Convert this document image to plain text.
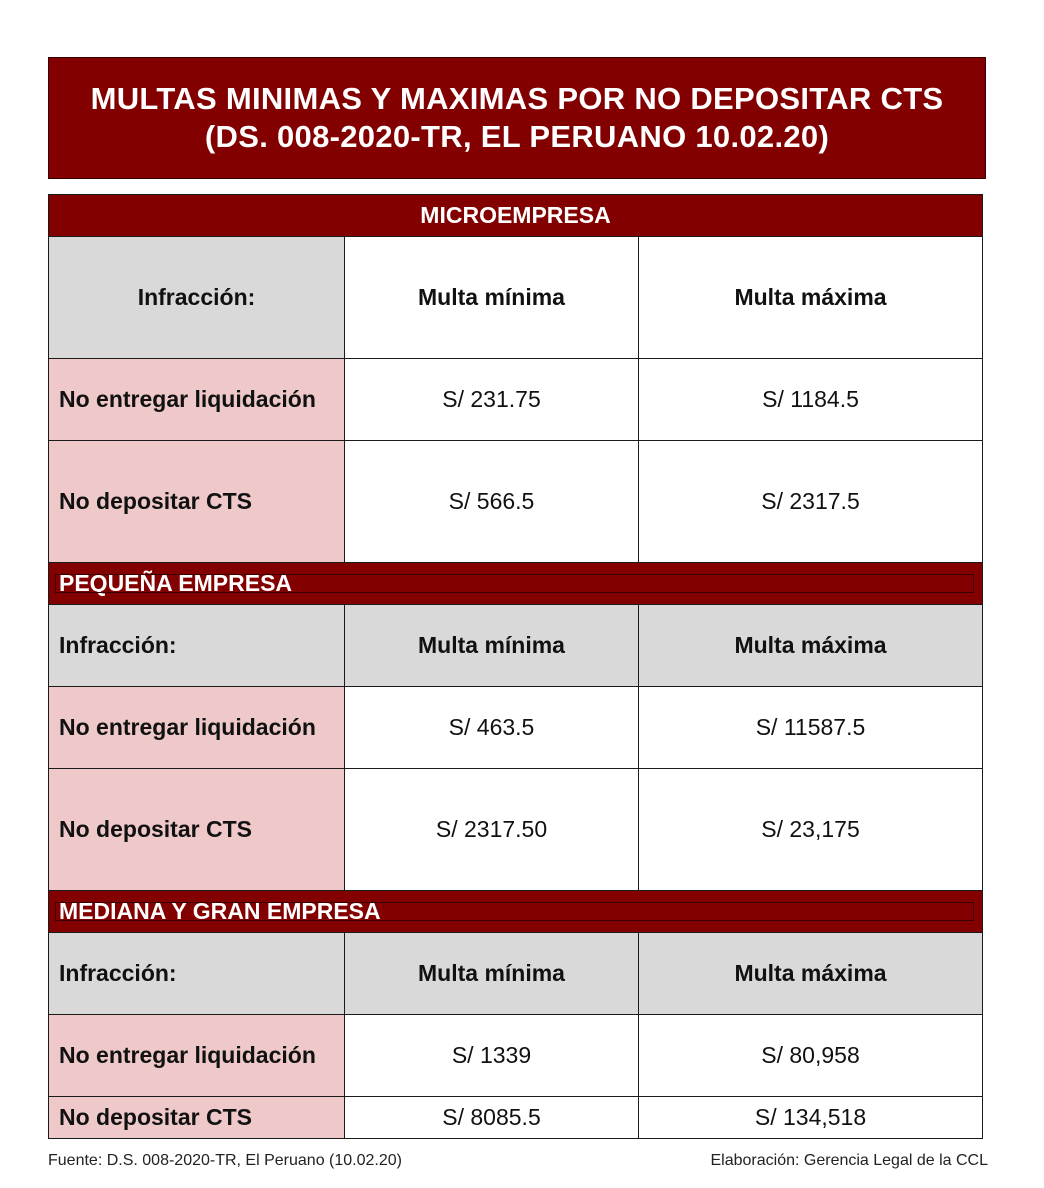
MULTAS MINIMAS Y MAXIMAS POR NO DEPOSITAR CTS
(DS. 008-2020-TR, EL PERUANO 10.02.20)
MICROEMPRESA		
Infracción:	Multa mínima	Multa máxima
No entregar liquidación	S/ 231.75	S/ 1184.5
No depositar CTS	S/ 566.5	S/ 2317.5

PEQUEÑA EMPRESA		

Infracción:	Multa mínima	Multa máxima
No entregar liquidación	S/ 463.5	S/ 11587.5
No depositar CTS	S/ 2317.50	S/ 23,175

MEDIANA Y GRAN EMPRESA		

Infracción:	Multa mínima	Multa máxima
No entregar liquidación	S/ 1339	S/ 80,958
No depositar CTS	S/ 8085.5	S/ 134,518
Fuente: D.S. 008-2020-TR, El Peruano (10.02.20)	Elaboración: Gerencia Legal de la CCL
